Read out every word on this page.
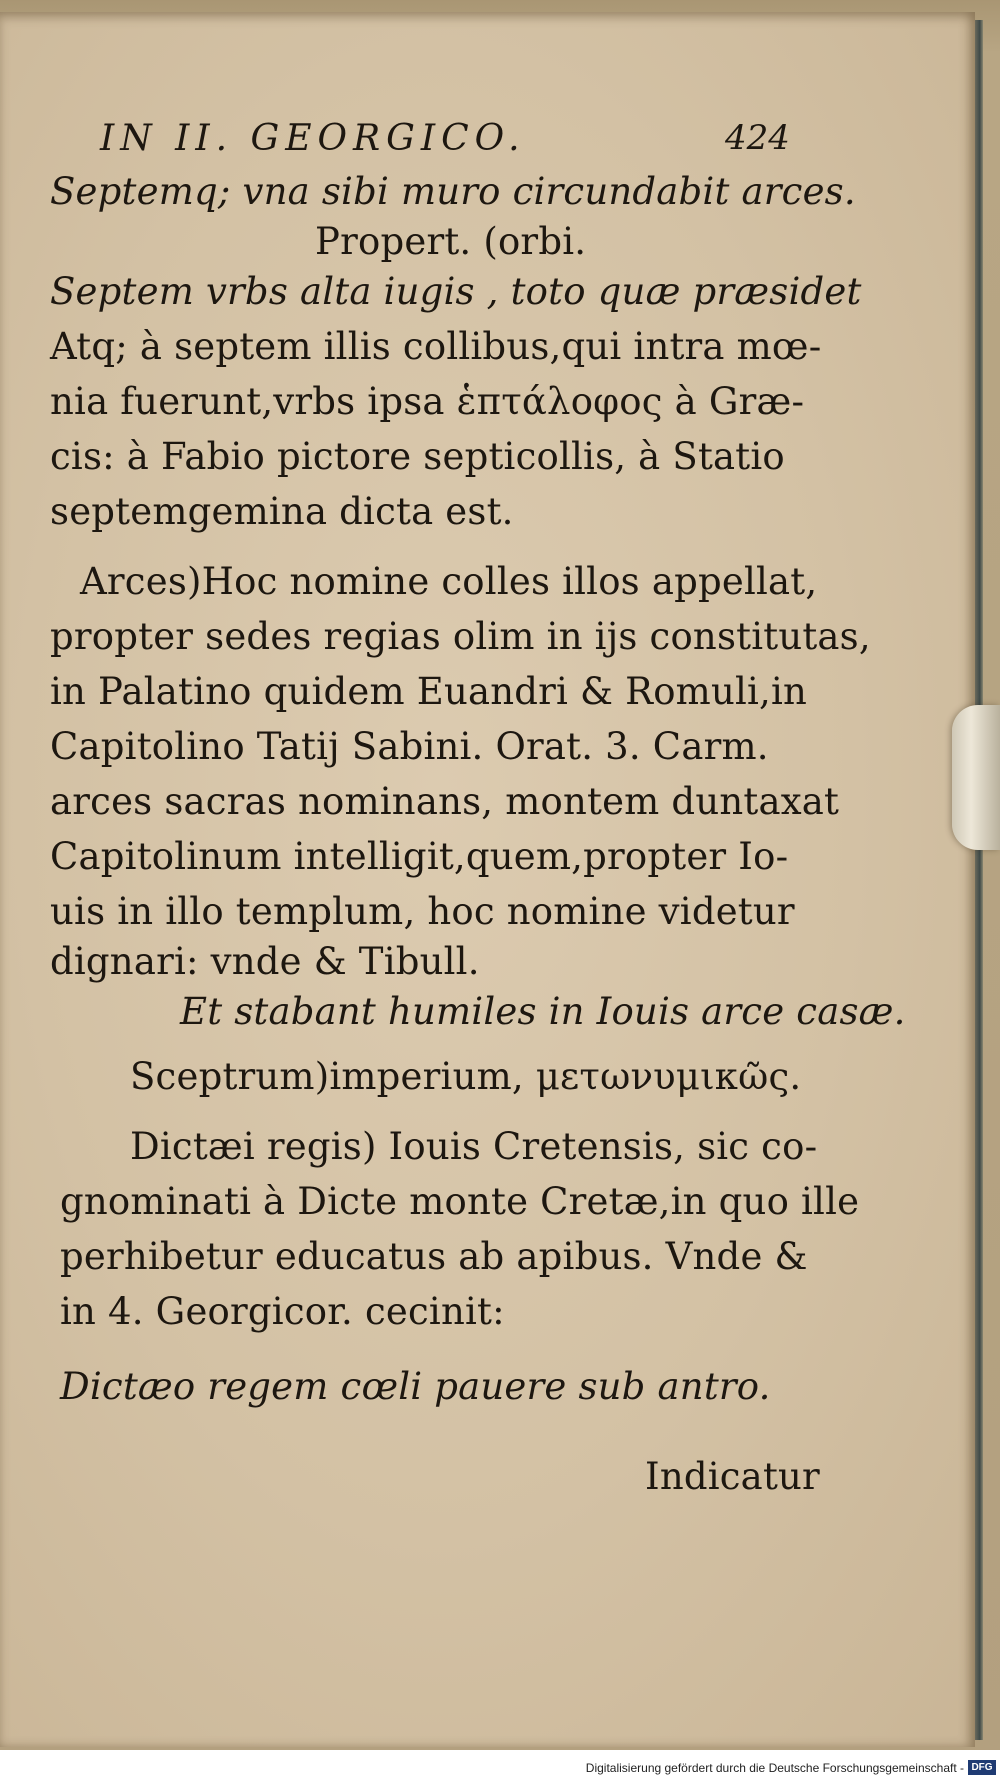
IN II. GEORGICO.	424
Septemq; vna sibi muro circundabit arces.
Propert. (orbi.
Septem vrbs alta iugis , toto quæ præsidet
Atq; à septem illis collibus,qui intra mœ-
nia fuerunt,vrbs ipsa ἑπτάλοφος à Græ-
cis: à Fabio pictore septicollis, à Statio
septemgemina dicta est.
Arces)Hoc nomine colles illos appellat,
propter sedes regias olim in ijs constitutas,
in Palatino quidem Euandri & Romuli,in
Capitolino Tatij Sabini. Orat. 3. Carm.
arces sacras nominans, montem duntaxat
Capitolinum intelligit,quem,propter Io-
uis in illo templum, hoc nomine videtur
dignari: vnde & Tibull.
Et stabant humiles in Iouis arce casæ.
Sceptrum)imperium, μετωνυμικῶς.
Dictæi regis) Iouis Cretensis, sic co-
gnominati à Dicte monte Cretæ,in quo ille
perhibetur educatus ab apibus. Vnde &
in 4. Georgicor. cecinit:
Dictæo regem cœli pauere sub antro.
Indicatur
Digitalisierung gefördert durch die Deutsche Forschungsgemeinschaft - DFG
